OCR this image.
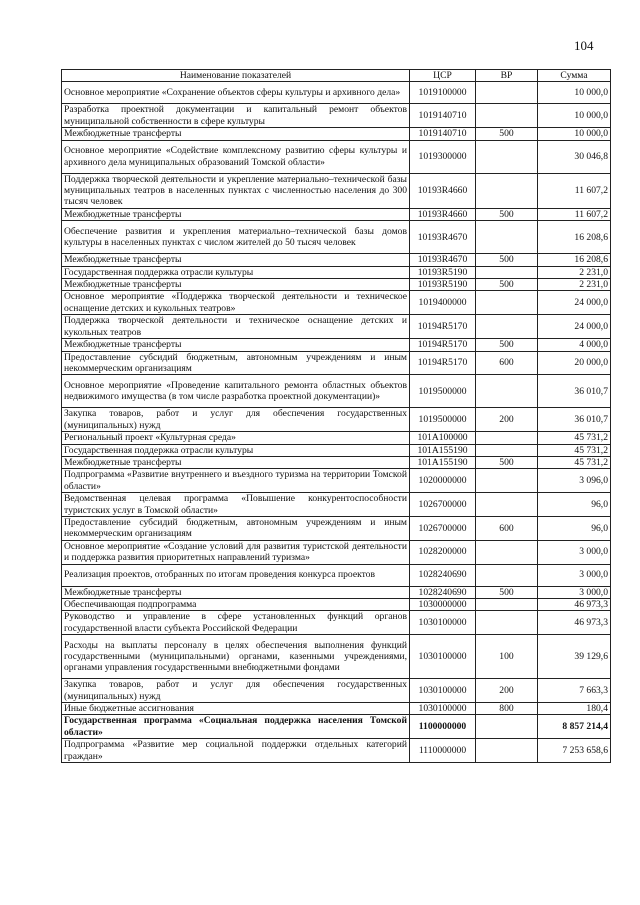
104
Наименование показателей	ЦСР	ВР	Сумма
Основное мероприятие «Сохранение объектов сферы культуры и архивного дела»	1019100000		10 000,0
Разработка проектной документации и капитальный ремонт объектов муниципальной собственности в сфере культуры	1019140710		10 000,0
Межбюджетные трансферты	1019140710	500	10 000,0
Основное мероприятие «Содействие комплексному развитию сферы культуры и архивного дела муниципальных образований Томской области»	1019300000		30 046,8
Поддержка творческой деятельности и укрепление материально–технической базы муниципальных театров в населенных пунктах с численностью населения до 300 тысяч человек	10193R4660		11 607,2
Межбюджетные трансферты	10193R4660	500	11 607,2
Обеспечение развития и укрепления материально–технической базы домов культуры в населенных пунктах с числом жителей до 50 тысяч человек	10193R4670		16 208,6
Межбюджетные трансферты	10193R4670	500	16 208,6
Государственная поддержка отрасли культуры	10193R5190		2 231,0
Межбюджетные трансферты	10193R5190	500	2 231,0
Основное мероприятие «Поддержка творческой деятельности и техническое оснащение детских и кукольных театров»	1019400000		24 000,0
Поддержка творческой деятельности и техническое оснащение детских и кукольных театров	10194R5170		24 000,0
Межбюджетные трансферты	10194R5170	500	4 000,0
Предоставление субсидий бюджетным, автономным учреждениям и иным некоммерческим организациям	10194R5170	600	20 000,0
Основное мероприятие «Проведение капитального ремонта областных объектов недвижимого имущества (в том числе разработка проектной документации)»	1019500000		36 010,7
Закупка товаров, работ и услуг для обеспечения государственных (муниципальных) нужд	1019500000	200	36 010,7
Региональный проект «Культурная среда»	101A100000		45 731,2
Государственная поддержка отрасли культуры	101A155190		45 731,2
Межбюджетные трансферты	101A155190	500	45 731,2
Подпрограмма «Развитие внутреннего и въездного туризма на территории Томской области»	1020000000		3 096,0
Ведомственная целевая программа «Повышение конкурентоспособности туристских услуг в Томской области»	1026700000		96,0
Предоставление субсидий бюджетным, автономным учреждениям и иным некоммерческим организациям	1026700000	600	96,0
Основное мероприятие «Создание условий для развития туристской деятельности и поддержка развития приоритетных направлений туризма»	1028200000		3 000,0
Реализация проектов, отобранных по итогам проведения конкурса проектов	1028240690		3 000,0
Межбюджетные трансферты	1028240690	500	3 000,0
Обеспечивающая подпрограмма	1030000000		46 973,3
Руководство и управление в сфере установленных функций органов государственной власти субъекта Российской Федерации	1030100000		46 973,3
Расходы на выплаты персоналу в целях обеспечения выполнения функций государственными (муниципальными) органами, казенными учреждениями, органами управления государственными внебюджетными фондами	1030100000	100	39 129,6
Закупка товаров, работ и услуг для обеспечения государственных (муниципальных) нужд	1030100000	200	7 663,3
Иные бюджетные ассигнования	1030100000	800	180,4
Государственная программа «Социальная поддержка населения Томской области»	1100000000		8 857 214,4
Подпрограмма «Развитие мер социальной поддержки отдельных категорий граждан»	1110000000		7 253 658,6
